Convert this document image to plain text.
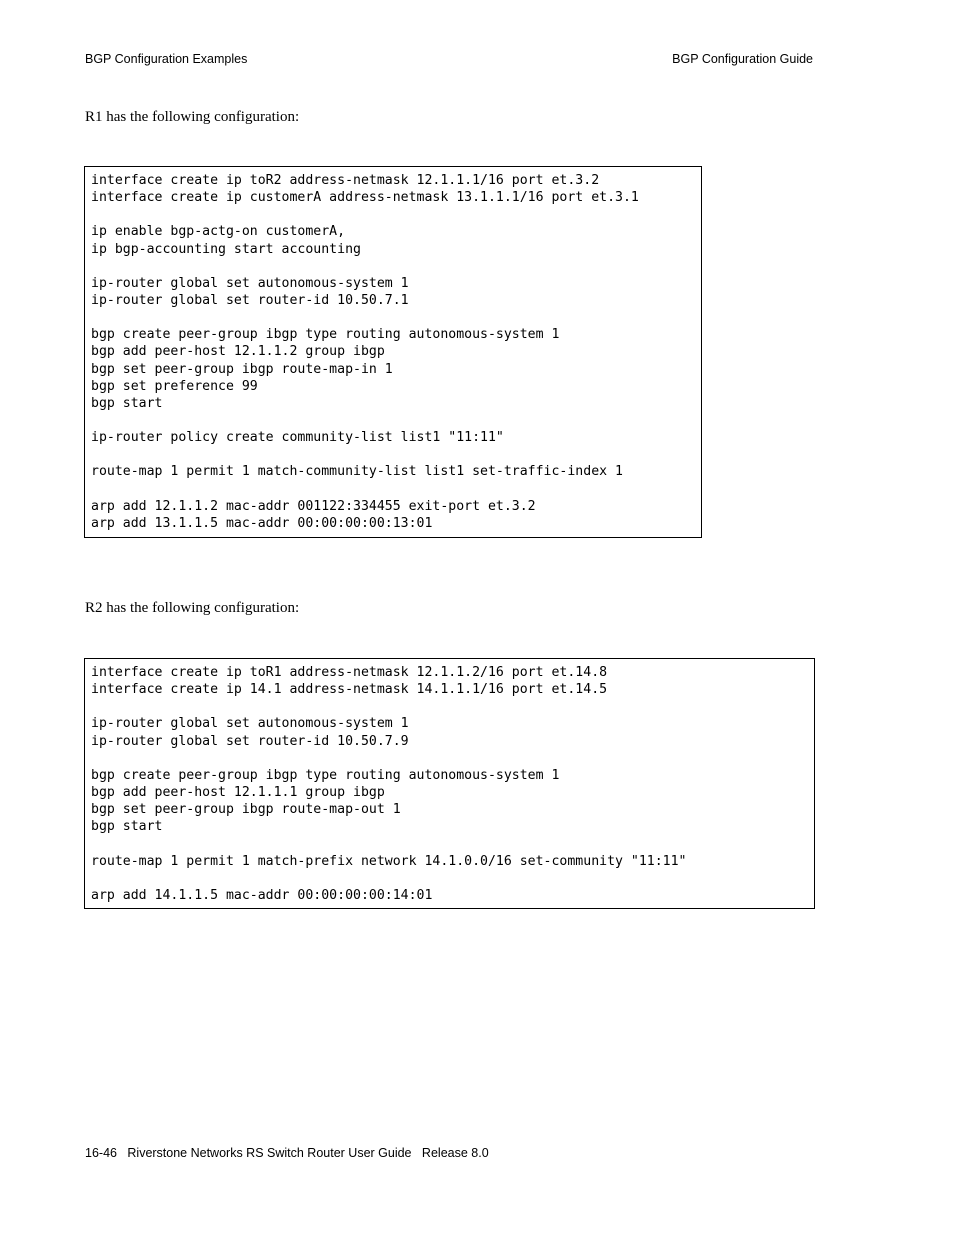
BGP Configuration Examples	BGP Configuration Guide
R1 has the following configuration:
interface create ip toR2 address-netmask 12.1.1.1/16 port et.3.2
interface create ip customerA address-netmask 13.1.1.1/16 port et.3.1
ip enable bgp-actg-on customerA,
ip bgp-accounting start accounting
ip-router global set autonomous-system 1
ip-router global set router-id 10.50.7.1
bgp create peer-group ibgp type routing autonomous-system 1
bgp add peer-host 12.1.1.2 group ibgp
bgp set peer-group ibgp route-map-in 1
bgp set preference 99
bgp start
ip-router policy create community-list list1 "11:11"
route-map 1 permit 1 match-community-list list1 set-traffic-index 1
arp add 12.1.1.2 mac-addr 001122:334455 exit-port et.3.2
arp add 13.1.1.5 mac-addr 00:00:00:00:13:01
R2 has the following configuration:
interface create ip toR1 address-netmask 12.1.1.2/16 port et.14.8
interface create ip 14.1 address-netmask 14.1.1.1/16 port et.14.5
ip-router global set autonomous-system 1
ip-router global set router-id 10.50.7.9
bgp create peer-group ibgp type routing autonomous-system 1
bgp add peer-host 12.1.1.1 group ibgp
bgp set peer-group ibgp route-map-out 1
bgp start
route-map 1 permit 1 match-prefix network 14.1.0.0/16 set-community "11:11"
arp add 14.1.1.5 mac-addr 00:00:00:00:14:01
16-46   Riverstone Networks RS Switch Router User Guide   Release 8.0
